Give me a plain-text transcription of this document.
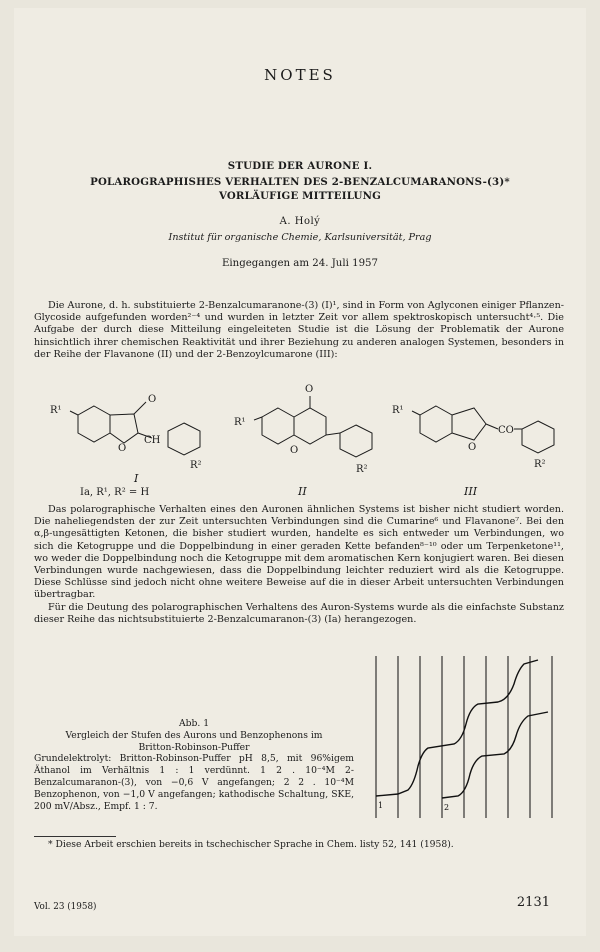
NOTES
STUDIE DER AURONE I.
POLAROGRAPHISHES VERHALTEN DES 2-BENZALCUMARANONS-(3)*
VORLÄUFIGE MITTEILUNG
A. Holý
Institut für organische Chemie, Karlsuniversität, Prag
Eingegangen am 24. Juli 1957

Die Aurone, d. h. substituierte 2-Benzalcumaranone-(3) (I)¹, sind in Form von Aglyconen einiger Pflanzen-Glycoside aufgefunden worden²⁻⁴ und wurden in letzter Zeit vor allem spektroskopisch untersucht⁴·⁵. Die Aufgabe der durch diese Mitteilung eingeleiteten Studie ist die Lösung der Problematik der Aurone hinsichtlich ihrer chemischen Reaktivität und ihrer Beziehung zu anderen analogen Systemen, besonders in der Reihe der Flavanone (II) und der 2-Benzoylcumarone (III):

R¹
O
O
CH
R²
R¹
O
O
R²
R¹
O
CO
R²
I
II	III
Ia, R¹, R² = H

Das polarographische Verhalten eines den Auronen ähnlichen Systems ist bisher nicht studiert worden. Die naheliegendsten der zur Zeit untersuchten Verbindungen sind die Cumarine⁶ und Flavanone⁷. Bei den α,β-ungesättigten Ketonen, die bisher studiert wurden, handelte es sich entweder um Verbindungen, wo sich die Ketogruppe und die Doppelbindung in einer geraden Kette befanden⁸⁻¹⁰ oder um Terpenketone¹¹, wo weder die Doppelbindung noch die Ketogruppe mit dem aromatischen Kern konjugiert waren. Bei diesen Verbindungen wurde nachgewiesen, dass die Doppelbindung leichter reduziert wird als die Ketogruppe. Diese Schlüsse sind jedoch nicht ohne weitere Beweise auf die in dieser Arbeit untersuchten Verbindungen übertragbar.

Für die Deutung des polarographischen Verhaltens des Auron-Systems wurde als die einfachste Substanz dieser Reihe das nichtsubstituierte 2-Benzalcumaranon-(3) (Ia) herangezogen.

Abb. 1
Vergleich der Stufen des Aurons und Benzophenons im
Britton-Robinson-Puffer
Grundelektrolyt: Britton-Robinson-Puffer pH 8,5, mit 96%igem Äthanol im Verhältnis 1 : 1 verdünnt. 1 2 . 10⁻⁴M 2-Benzalcumaranon-(3), von −0,6 V angefangen; 2 2 . 10⁻⁴M Benzophenon, von −1,0 V angefangen; kathodische Schaltung, SKE, 200 mV/Absz., Empf. 1 : 7.	1	2
* Diese Arbeit erschien bereits in tschechischer Sprache in Chem. listy 52, 141 (1958).
Vol. 23 (1958)	2131
